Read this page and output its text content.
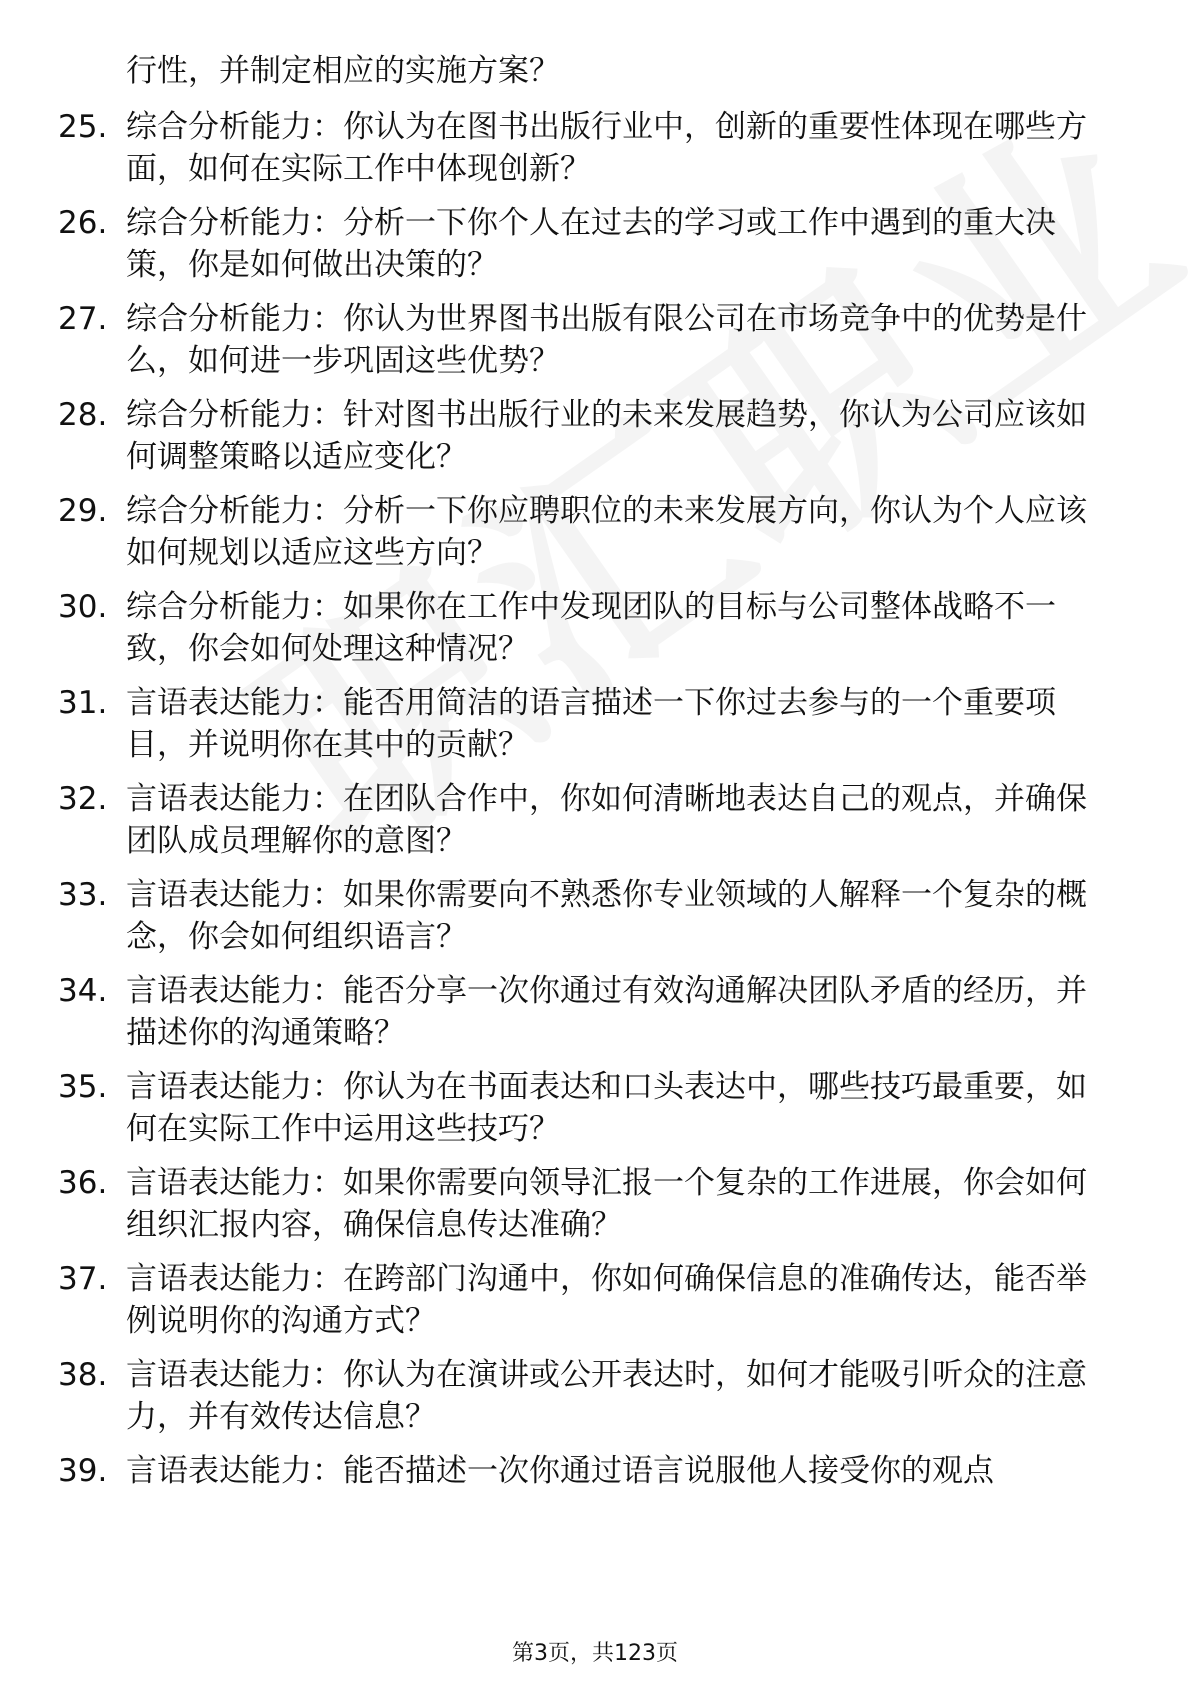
行性，并制定相应的实施方案？
25. 综合分析能力：你认为在图书出版行业中，创新的重要性体现在哪些方面，如何在实际工作中体现创新？
26. 综合分析能力：分析一下你个人在过去的学习或工作中遇到的重大决策，你是如何做出决策的？
27. 综合分析能力：你认为世界图书出版有限公司在市场竞争中的优势是什么，如何进一步巩固这些优势？
28. 综合分析能力：针对图书出版行业的未来发展趋势，你认为公司应该如何调整策略以适应变化？
29. 综合分析能力：分析一下你应聘职位的未来发展方向，你认为个人应该如何规划以适应这些方向？
30. 综合分析能力：如果你在工作中发现团队的目标与公司整体战略不一致，你会如何处理这种情况？
31. 言语表达能力：能否用简洁的语言描述一下你过去参与的一个重要项目，并说明你在其中的贡献？
32. 言语表达能力：在团队合作中，你如何清晰地表达自己的观点，并确保团队成员理解你的意图？
33. 言语表达能力：如果你需要向不熟悉你专业领域的人解释一个复杂的概念，你会如何组织语言？
34. 言语表达能力：能否分享一次你通过有效沟通解决团队矛盾的经历，并描述你的沟通策略？
35. 言语表达能力：你认为在书面表达和口头表达中，哪些技巧最重要，如何在实际工作中运用这些技巧？
36. 言语表达能力：如果你需要向领导汇报一个复杂的工作进展，你会如何组织汇报内容，确保信息传达准确？
37. 言语表达能力：在跨部门沟通中，你如何确保信息的准确传达，能否举例说明你的沟通方式？
38. 言语表达能力：你认为在演讲或公开表达时，如何才能吸引听众的注意力，并有效传达信息？
39. 言语表达能力：能否描述一次你通过语言说服他人接受你的观点
第3页，共123页
